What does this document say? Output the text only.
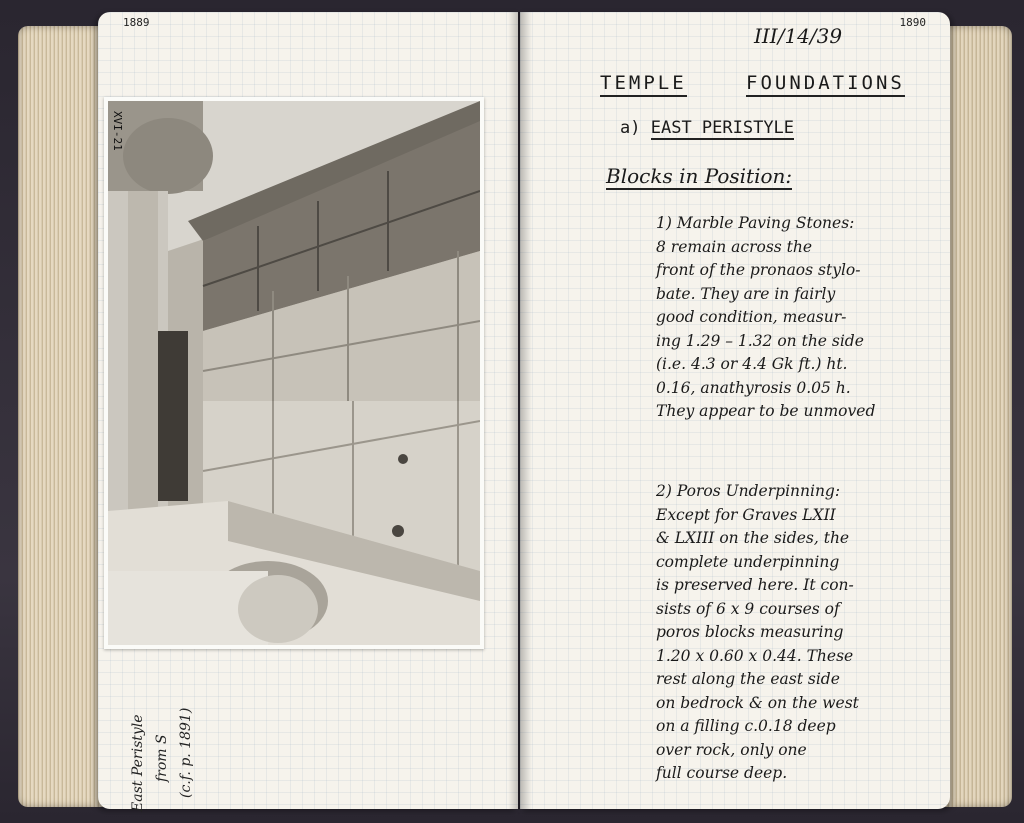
1889
XVI-21
East Peristyle from S (c.f. p. 1891)
1890
III/14/39
TEMPLE	FOUNDATIONS
a) EAST PERISTYLE
Blocks in Position:
1) Marble Paving Stones:
8 remain across the
front of the pronaos stylo-
bate. They are in fairly
good condition, measur-
ing 1.29 – 1.32 on the side
(i.e. 4.3 or 4.4 Gk ft.) ht.
0.16, anathyrosis 0.05 h.
They appear to be unmoved
2) Poros Underpinning:
Except for Graves LXII
& LXIII on the sides, the
complete underpinning
is preserved here. It con-
sists of 6 x 9 courses of
poros blocks measuring
1.20 x 0.60 x 0.44. These
rest along the east side
on bedrock & on the west
on a filling c.0.18 deep
over rock, only one
full course deep.
